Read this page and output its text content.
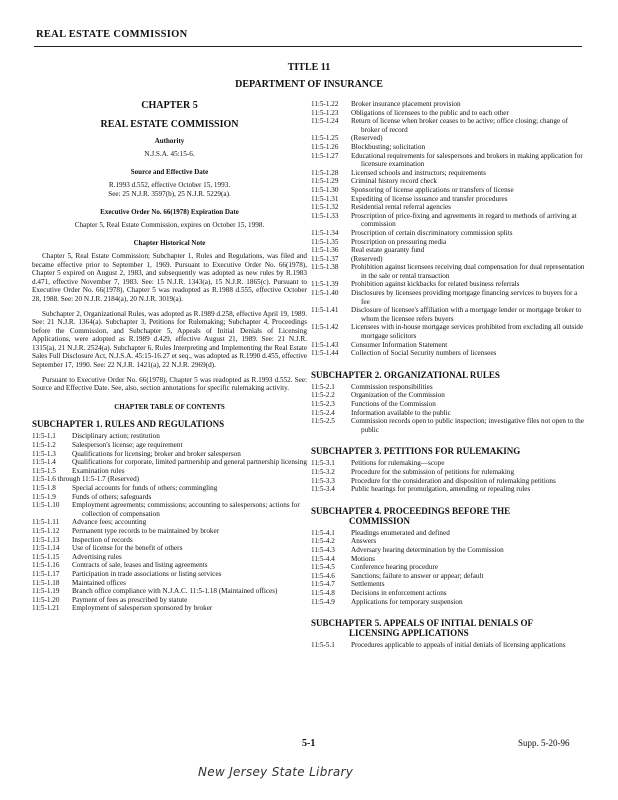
REAL ESTATE COMMISSION
TITLE 11
DEPARTMENT OF INSURANCE
CHAPTER 5
REAL ESTATE COMMISSION
Authority
N.J.S.A. 45:15-6.
Source and Effective Date
R.1993 d.552, effective October 15, 1993.
See: 25 N.J.R. 3597(b), 25 N.J.R. 5229(a).
Executive Order No. 66(1978) Expiration Date
Chapter 5, Real Estate Commission, expires on October 15, 1998.
Chapter Historical Note

Chapter 5, Real Estate Commission; Subchapter 1, Rules and Regulations, was filed and became effective prior to September 1, 1969. Pursuant to Executive Order No. 66(1978), Chapter 5 expired on August 2, 1983, and subsequently was adopted as new rules by R.1983 d.471, effective November 7, 1983. See: 15 N.J.R. 1343(a), 15 N.J.R. 1865(c). Pursuant to Executive Order No. 66(1978), Chapter 5 was readopted as R.1988 d.555, effective October 28, 1988. See: 20 N.J.R. 2184(a), 20 N.J.R. 3019(a).

Subchapter 2, Organizational Rules, was adopted as R.1989 d.258, effective April 19, 1989. See: 21 N.J.R. 1364(a). Subchapter 3, Petitions for Rulemaking; Subchapter 4, Proceedings before the Commission, and Subchapter 5, Appeals of Initial Denials of Licensing Applications, were adopted as R.1989 d.429, effective August 21, 1989. See: 21 N.J.R. 1315(a), 21 N.J.R. 2524(a). Subchapter 6, Rules Interpreting and Implementing the Real Estate Sales Full Disclosure Act, N.J.S.A. 45:15-16.27 et seq., was adopted as R.1990 d.455, effective September 17, 1990. See: 22 N.J.R. 1421(a), 22 N.J.R. 2969(d).

Pursuant to Executive Order No. 66(1978), Chapter 5 was readopted as R.1993 d.552. See: Source and Effective Date. See, also, section annotations for specific rulemaking activity.

CHAPTER TABLE OF CONTENTS
SUBCHAPTER 1. RULES AND REGULATIONS
11:5-1.1	Disciplinary action; restitution
11:5-1.2	Salesperson's license; age requirement
11:5-1.3	Qualifications for licensing; broker and broker salesperson
11:5-1.4	Qualifications for corporate, limited partnership and general partnership licensing
11:5-1.5	Examination rules
11:5-1.6 through 11:5-1.7 (Reserved)
11:5-1.8	Special accounts for funds of others; commingling
11:5-1.9	Funds of others; safeguards
11:5-1.10	Employment agreements; commissions; accounting to salespersons; actions for collection of compensation
11:5-1.11	Advance fees; accounting
11:5-1.12	Permanent type records to be maintained by broker
11:5-1.13	Inspection of records
11:5-1.14	Use of license for the benefit of others
11:5-1.15	Advertising rules
11:5-1.16	Contracts of sale, leases and listing agreements
11:5-1.17	Participation in trade associations or listing services
11:5-1.18	Maintained offices
11:5-1.19	Branch office compliance with N.J.A.C. 11:5-1.18 (Maintained offices)
11:5-1.20	Payment of fees as prescribed by statute
11:5-1.21	Employment of salesperson sponsored by broker
11:5-1.22	Broker insurance placement provision
11:5-1.23	Obligations of licensees to the public and to each other
11:5-1.24	Return of license when broker ceases to be active; office closing; change of broker of record
11:5-1.25	(Reserved)
11:5-1.26	Blockbusting; solicitation
11:5-1.27	Educational requirements for salespersons and brokers in making application for licensure examination
11:5-1.28	Licensed schools and instructors; requirements
11:5-1.29	Criminal history record check
11:5-1.30	Sponsoring of license applications or transfers of license
11:5-1.31	Expediting of license issuance and transfer procedures
11:5-1.32	Residential rental referral agencies
11:5-1.33	Proscription of price-fixing and agreements in regard to methods of arriving at commission
11:5-1.34	Proscription of certain discriminatory commission splits
11:5-1.35	Proscription on pressuring media
11:5-1.36	Real estate guaranty fund
11:5-1.37	(Reserved)
11:5-1.38	Prohibition against licensees receiving dual compensation for dual representation in the sale or rental transaction
11:5-1.39	Prohibition against kickbacks for related business referrals
11:5-1.40	Disclosures by licensees providing mortgage financing services to buyers for a fee
11:5-1.41	Disclosure of licensee's affiliation with a mortgage lender or mortgage broker to whom the licensee refers buyers
11:5-1.42	Licensees with in-house mortgage services prohibited from excluding all outside mortgage solicitors
11:5-1.43	Consumer Information Statement
11:5-1.44	Collection of Social Security numbers of licensees
SUBCHAPTER 2. ORGANIZATIONAL RULES
11:5-2.1	Commission responsibilities
11:5-2.2	Organization of the Commission
11:5-2.3	Functions of the Commission
11:5-2.4	Information available to the public
11:5-2.5	Commission records open to public inspection; investigative files not open to the public
SUBCHAPTER 3. PETITIONS FOR RULEMAKING
11:5-3.1	Petitions for rulemaking—scope
11:5-3.2	Procedure for the submission of petitions for rulemaking
11:5-3.3	Procedure for the consideration and disposition of rulemaking petitions
11:5-3.4	Public hearings for promulgation, amending or repealing rules
SUBCHAPTER 4. PROCEEDINGS BEFORE THE
COMMISSION
11:5-4.1	Pleadings enumerated and defined
11:5-4.2	Answers
11:5-4.3	Adversary hearing determination by the Commission
11:5-4.4	Motions
11:5-4.5	Conference hearing procedure
11:5-4.6	Sanctions; failure to answer or appear; default
11:5-4.7	Settlements
11:5-4.8	Decisions in enforcement actions
11:5-4.9	Applications for temporary suspension
SUBCHAPTER 5. APPEALS OF INITIAL DENIALS OF
LICENSING APPLICATIONS
11:5-5.1	Procedures applicable to appeals of initial denials of licensing applications
5-1	Supp. 5-20-96
New Jersey State Library
